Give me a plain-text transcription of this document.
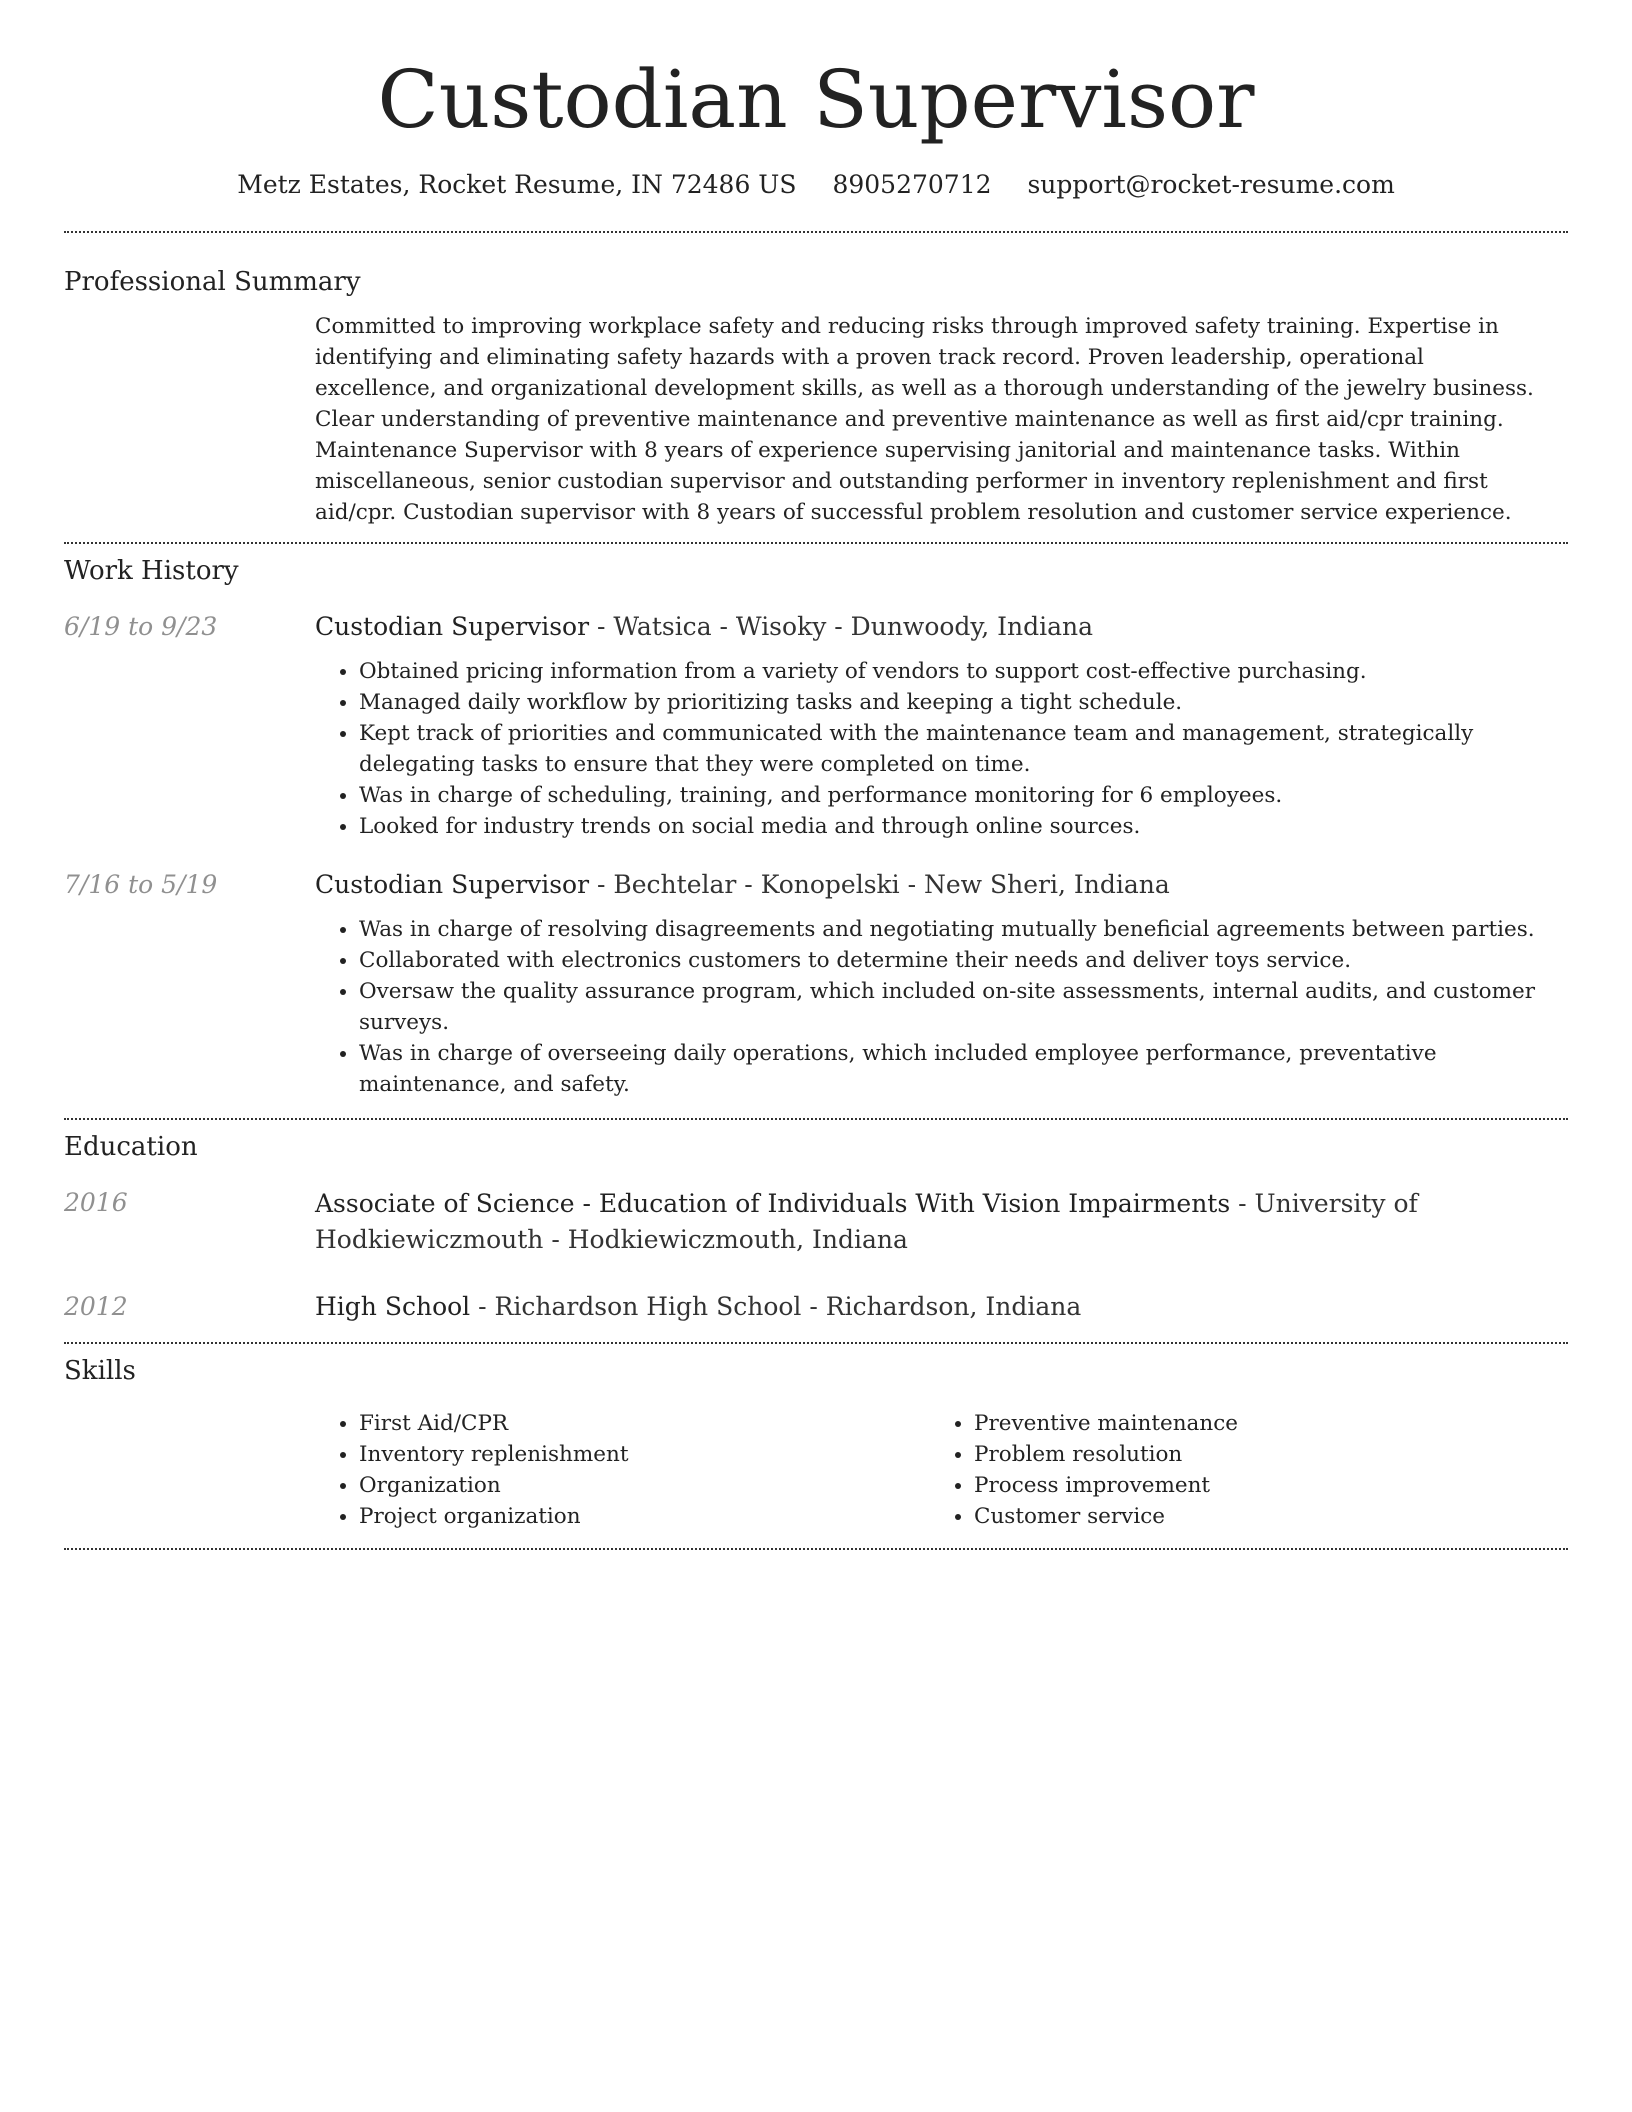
Custodian Supervisor
Metz Estates, Rocket Resume, IN 72486 US 8905270712 support@rocket-resume.com
Professional Summary

Committed to improving workplace safety and reducing risks through improved safety training. Expertise in identifying and eliminating safety hazards with a proven track record. Proven leadership, operational excellence, and organizational development skills, as well as a thorough understanding of the jewelry business. Clear understanding of preventive maintenance and preventive maintenance as well as first aid/cpr training. Maintenance Supervisor with 8 years of experience supervising janitorial and maintenance tasks. Within miscellaneous, senior custodian supervisor and outstanding performer in inventory replenishment and first aid/cpr. Custodian supervisor with 8 years of successful problem resolution and customer service experience.

Work History
6/19 to 9/23	Custodian Supervisor - Watsica - Wisoky - Dunwoody, Indiana
• Obtained pricing information from a variety of vendors to support cost-effective purchasing.
• Managed daily workflow by prioritizing tasks and keeping a tight schedule.
• Kept track of priorities and communicated with the maintenance team and management, strategically delegating tasks to ensure that they were completed on time.
• Was in charge of scheduling, training, and performance monitoring for 6 employees.
• Looked for industry trends on social media and through online sources.
7/16 to 5/19	Custodian Supervisor - Bechtelar - Konopelski - New Sheri, Indiana
• Was in charge of resolving disagreements and negotiating mutually beneficial agreements between parties.
• Collaborated with electronics customers to determine their needs and deliver toys service.
• Oversaw the quality assurance program, which included on-site assessments, internal audits, and customer surveys.
• Was in charge of overseeing daily operations, which included employee performance, preventative maintenance, and safety.
Education
2016	Associate of Science - Education of Individuals With Vision Impairments - University of Hodkiewiczmouth - Hodkiewiczmouth, Indiana
2012	High School - Richardson High School - Richardson, Indiana
Skills
• First Aid/CPR
• Inventory replenishment
• Organization
• Project organization
• Preventive maintenance
• Problem resolution
• Process improvement
• Customer service
